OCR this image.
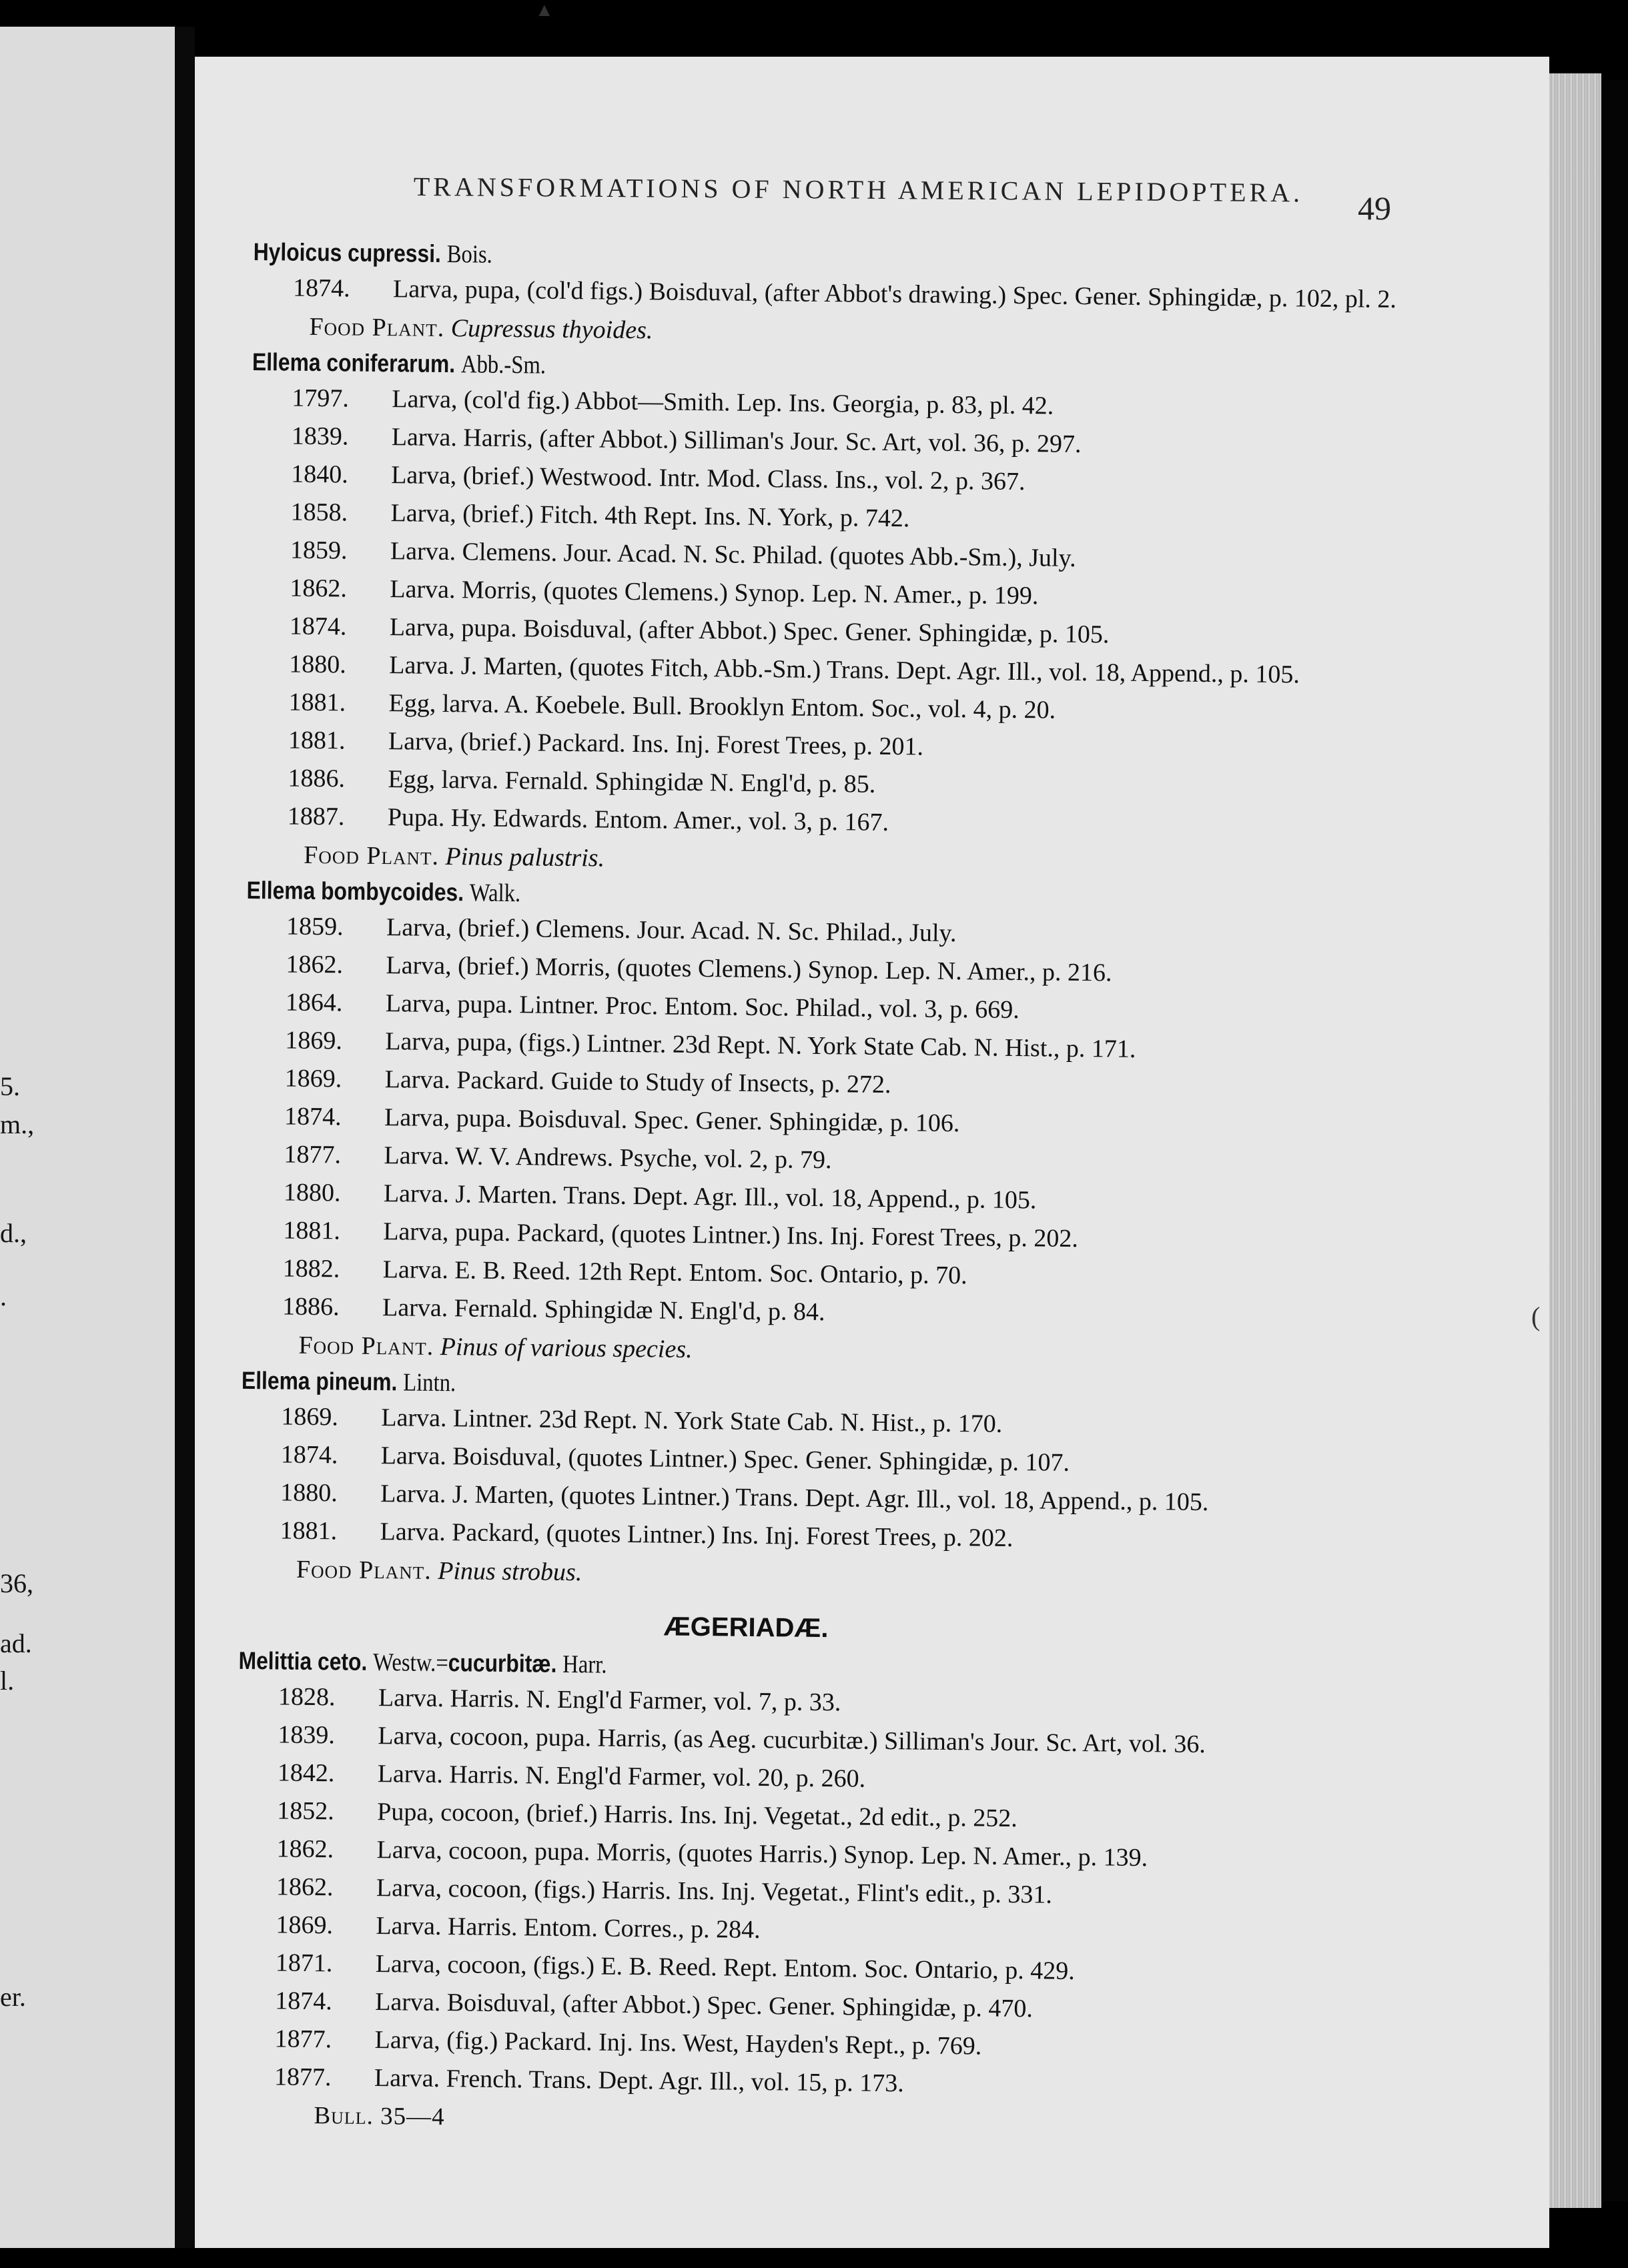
5.
m.,
d.,
.
36,
ad.
l.
er.
TRANSFORMATIONS OF NORTH AMERICAN LEPIDOPTERA.	49
Hyloicus cupressi. Bois.
1874.	Larva, pupa, (col'd figs.) Boisduval, (after Abbot's drawing.) Spec. Gener. Sphingidæ, p. 102, pl. 2.
Food Plant. Cupressus thyoides.
Ellema coniferarum. Abb.-Sm.
1797.	Larva, (col'd fig.) Abbot—Smith. Lep. Ins. Georgia, p. 83, pl. 42.
1839.	Larva. Harris, (after Abbot.) Silliman's Jour. Sc. Art, vol. 36, p. 297.
1840.	Larva, (brief.) Westwood. Intr. Mod. Class. Ins., vol. 2, p. 367.
1858.	Larva, (brief.) Fitch. 4th Rept. Ins. N. York, p. 742.
1859.	Larva. Clemens. Jour. Acad. N. Sc. Philad. (quotes Abb.-Sm.), July.
1862.	Larva. Morris, (quotes Clemens.) Synop. Lep. N. Amer., p. 199.
1874.	Larva, pupa. Boisduval, (after Abbot.) Spec. Gener. Sphingidæ, p. 105.
1880.	Larva. J. Marten, (quotes Fitch, Abb.-Sm.) Trans. Dept. Agr. Ill., vol. 18, Append., p. 105.
1881.	Egg, larva. A. Koebele. Bull. Brooklyn Entom. Soc., vol. 4, p. 20.
1881.	Larva, (brief.) Packard. Ins. Inj. Forest Trees, p. 201.
1886.	Egg, larva. Fernald. Sphingidæ N. Engl'd, p. 85.
1887.	Pupa. Hy. Edwards. Entom. Amer., vol. 3, p. 167.
Food Plant. Pinus palustris.
Ellema bombycoides. Walk.
1859.	Larva, (brief.) Clemens. Jour. Acad. N. Sc. Philad., July.
1862.	Larva, (brief.) Morris, (quotes Clemens.) Synop. Lep. N. Amer., p. 216.
1864.	Larva, pupa. Lintner. Proc. Entom. Soc. Philad., vol. 3, p. 669.
1869.	Larva, pupa, (figs.) Lintner. 23d Rept. N. York State Cab. N. Hist., p. 171.
1869.	Larva. Packard. Guide to Study of Insects, p. 272.
1874.	Larva, pupa. Boisduval. Spec. Gener. Sphingidæ, p. 106.
1877.	Larva. W. V. Andrews. Psyche, vol. 2, p. 79.
1880.	Larva. J. Marten. Trans. Dept. Agr. Ill., vol. 18, Append., p. 105.
1881.	Larva, pupa. Packard, (quotes Lintner.) Ins. Inj. Forest Trees, p. 202.
1882.	Larva. E. B. Reed. 12th Rept. Entom. Soc. Ontario, p. 70.
1886.	Larva. Fernald. Sphingidæ N. Engl'd, p. 84.
Food Plant. Pinus of various species.
Ellema pineum. Lintn.
1869.	Larva. Lintner. 23d Rept. N. York State Cab. N. Hist., p. 170.
1874.	Larva. Boisduval, (quotes Lintner.) Spec. Gener. Sphingidæ, p. 107.
1880.	Larva. J. Marten, (quotes Lintner.) Trans. Dept. Agr. Ill., vol. 18, Append., p. 105.
1881.	Larva. Packard, (quotes Lintner.) Ins. Inj. Forest Trees, p. 202.
Food Plant. Pinus strobus.
ÆGERIADÆ.
Melittia ceto. Westw.=cucurbitæ. Harr.
1828.	Larva. Harris. N. Engl'd Farmer, vol. 7, p. 33.
1839.	Larva, cocoon, pupa. Harris, (as Aeg. cucurbitæ.) Silliman's Jour. Sc. Art, vol. 36.
1842.	Larva. Harris. N. Engl'd Farmer, vol. 20, p. 260.
1852.	Pupa, cocoon, (brief.) Harris. Ins. Inj. Vegetat., 2d edit., p. 252.
1862.	Larva, cocoon, pupa. Morris, (quotes Harris.) Synop. Lep. N. Amer., p. 139.
1862.	Larva, cocoon, (figs.) Harris. Ins. Inj. Vegetat., Flint's edit., p. 331.
1869.	Larva. Harris. Entom. Corres., p. 284.
1871.	Larva, cocoon, (figs.) E. B. Reed. Rept. Entom. Soc. Ontario, p. 429.
1874.	Larva. Boisduval, (after Abbot.) Spec. Gener. Sphingidæ, p. 470.
1877.	Larva, (fig.) Packard. Inj. Ins. West, Hayden's Rept., p. 769.
1877.	Larva. French. Trans. Dept. Agr. Ill., vol. 15, p. 173.
Bull. 35—4
▲
(
